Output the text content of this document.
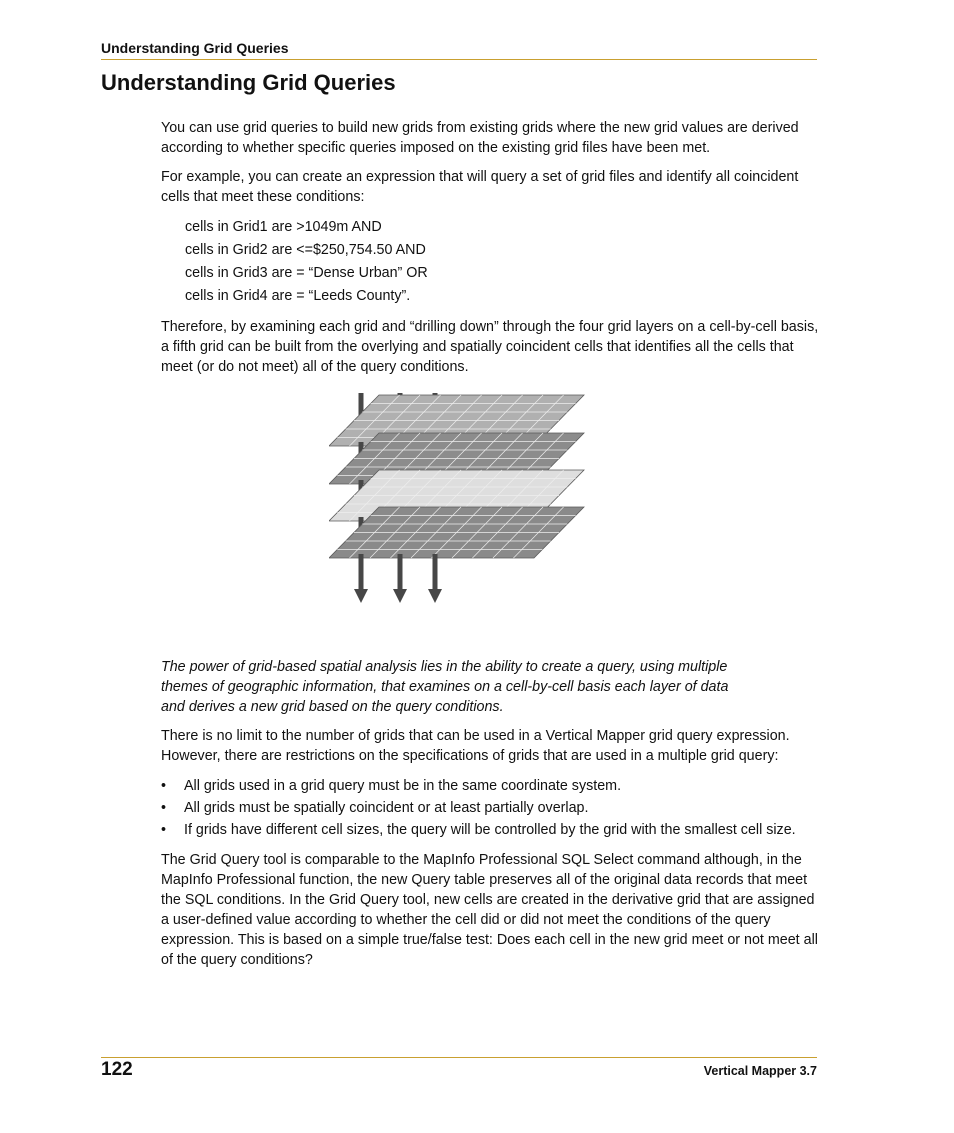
Understanding Grid Queries
Understanding Grid Queries

You can use grid queries to build new grids from existing grids where the new grid values are derived according to whether specific queries imposed on the existing grid files have been met.

For example, you can create an expression that will query a set of grid files and identify all coincident cells that meet these conditions:

cells in Grid1 are >1049m AND
cells in Grid2 are <=$250,754.50 AND
cells in Grid3 are = “Dense Urban” OR
cells in Grid4 are = “Leeds County”.

Therefore, by examining each grid and “drilling down” through the four grid layers on a cell-by-cell basis, a fifth grid can be built from the overlying and spatially coincident cells that identifies all the cells that meet (or do not meet) all of the query conditions.

The power of grid-based spatial analysis lies in the ability to create a query, using multiple themes of geographic information, that examines on a cell-by-cell basis each layer of data and derives a new grid based on the query conditions.

There is no limit to the number of grids that can be used in a Vertical Mapper grid query expression. However, there are restrictions on the specifications of grids that are used in a multiple grid query:

• All grids used in a grid query must be in the same coordinate system.
• All grids must be spatially coincident or at least partially overlap.
• If grids have different cell sizes, the query will be controlled by the grid with the smallest cell size.

The Grid Query tool is comparable to the MapInfo Professional SQL Select command although, in the MapInfo Professional function, the new Query table preserves all of the original data records that meet the SQL conditions. In the Grid Query tool, new cells are created in the derivative grid that are assigned a user-defined value according to whether the cell did or did not meet the conditions of the query expression. This is based on a simple true/false test: Does each cell in the new grid meet or not meet all of the query conditions?

122	Vertical Mapper 3.7
